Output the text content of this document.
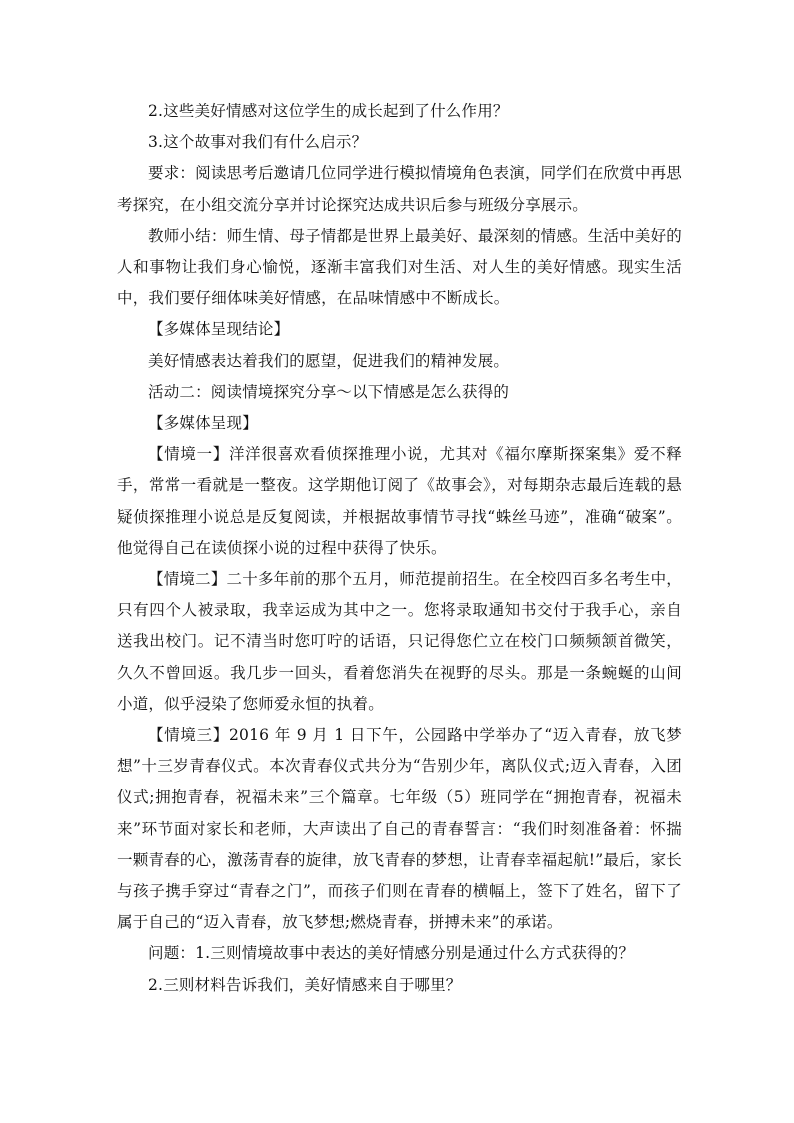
2.这些美好情感对这位学生的成长起到了什么作用？

3.这个故事对我们有什么启示？

要求：阅读思考后邀请几位同学进行模拟情境角色表演，同学们在欣赏中再思考探究，在小组交流分享并讨论探究达成共识后参与班级分享展示。

教师小结：师生情、母子情都是世界上最美好、最深刻的情感。生活中美好的人和事物让我们身心愉悦，逐渐丰富我们对生活、对人生的美好情感。现实生活中，我们要仔细体味美好情感，在品味情感中不断成长。

【多媒体呈现结论】

美好情感表达着我们的愿望，促进我们的精神发展。

活动二：阅读情境探究分享～以下情感是怎么获得的

【多媒体呈现】

【情境一】洋洋很喜欢看侦探推理小说，尤其对《福尔摩斯探案集》爱不释手，常常一看就是一整夜。这学期他订阅了《故事会》，对每期杂志最后连载的悬疑侦探推理小说总是反复阅读，并根据故事情节寻找“蛛丝马迹”，准确“破案”。他觉得自己在读侦探小说的过程中获得了快乐。

【情境二】二十多年前的那个五月，师范提前招生。在全校四百多名考生中，只有四个人被录取，我幸运成为其中之一。您将录取通知书交付于我手心，亲自送我出校门。记不清当时您叮咛的话语，只记得您伫立在校门口频频颔首微笑，久久不曾回返。我几步一回头，看着您消失在视野的尽头。那是一条蜿蜒的山间小道，似乎浸染了您师爱永恒的执着。

【情境三】2016 年 9 月 1 日下午，公园路中学举办了“迈入青春，放飞梦想”十三岁青春仪式。本次青春仪式共分为“告别少年，离队仪式;迈入青春，入团仪式;拥抱青春，祝福未来”三个篇章。七年级（5）班同学在“拥抱青春，祝福未来”环节面对家长和老师，大声读出了自己的青春誓言：“我们时刻准备着：怀揣一颗青春的心，激荡青春的旋律，放飞青春的梦想，让青春幸福起航!”最后，家长与孩子携手穿过“青春之门”，而孩子们则在青春的横幅上，签下了姓名，留下了属于自己的“迈入青春，放飞梦想;燃烧青春，拼搏未来”的承诺。

问题：1.三则情境故事中表达的美好情感分别是通过什么方式获得的？

2.三则材料告诉我们，美好情感来自于哪里？
